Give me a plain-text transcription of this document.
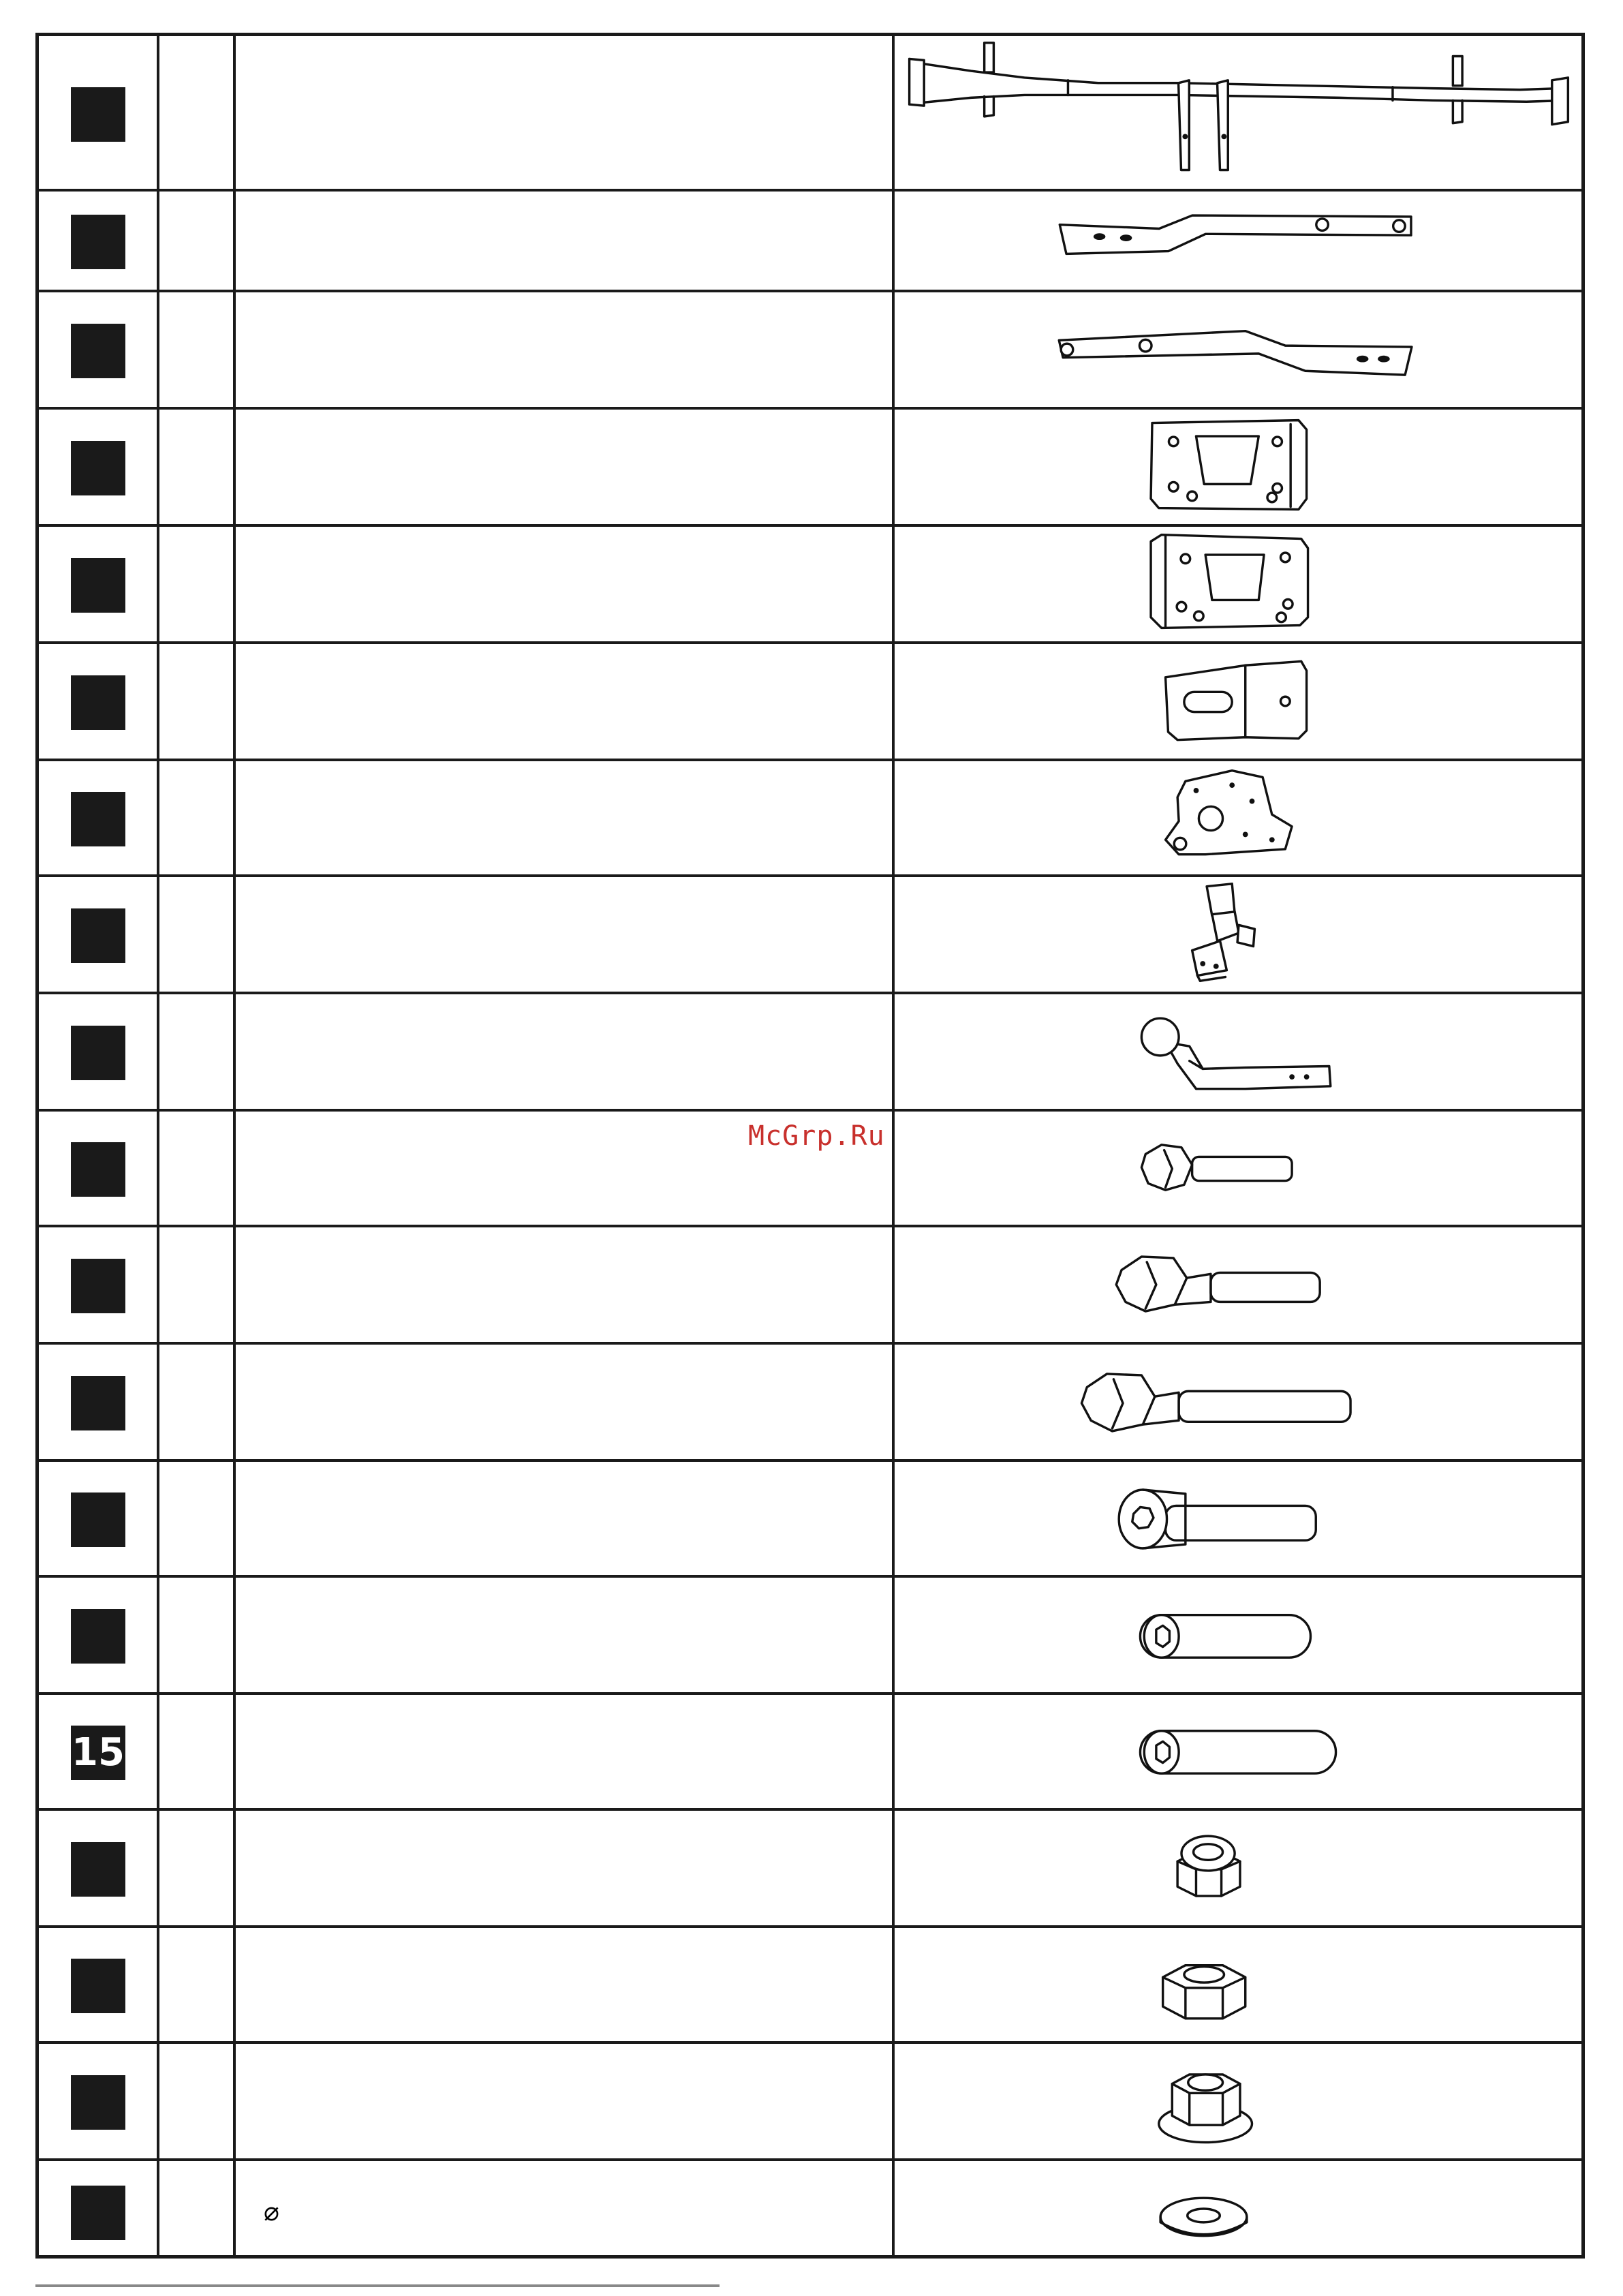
15
⌀
McGrp.Ru
